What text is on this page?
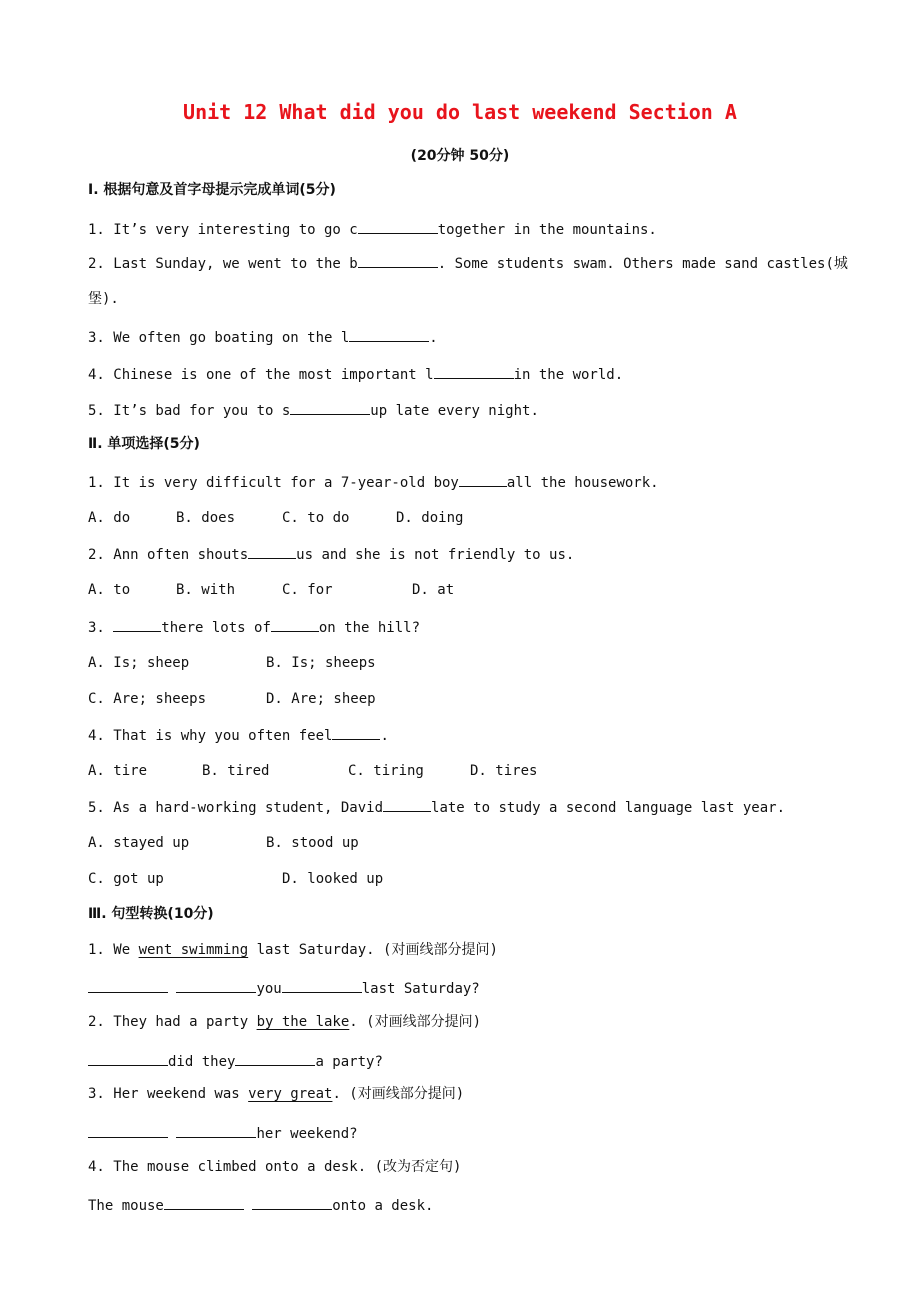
Unit 12 What did you do last weekend Section A
(20分钟 50分)
Ⅰ. 根据句意及首字母提示完成单词(5分)
1. It’s very interesting to go c	together in the mountains.
2. Last Sunday, we went to the b	. Some students swam. Others made sand castles(城
堡).
3. We often go boating on the l	.
4. Chinese is one of the most important l	in the world.
5. It’s bad for you to s	up late every night.
Ⅱ. 单项选择(5分)
1. It is very difficult for a 7-year-old boy	all the housework.
A. do	B. does	C. to do	D. doing
2. Ann often shouts	us and she is not friendly to us.
A. to	B. with	C. for	D. at
3.	there lots of	on the hill?
A. Is; sheep	B. Is; sheeps
C. Are; sheeps	D. Are; sheep
4. That is why you often feel	.
A. tire	B. tired	C. tiring	D. tires
5. As a hard-working student, David	late to study a second language last year.
A. stayed up	B. stood up
C. got up	D. looked up
Ⅲ. 句型转换(10分)
1. We went swimming last Saturday. (对画线部分提问)
you	last Saturday?
2. They had a party by the lake. (对画线部分提问)
did they	a party?
3. Her weekend was very great. (对画线部分提问)
her weekend?
4. The mouse climbed onto a desk. (改为否定句)
The mouse	onto a desk.
